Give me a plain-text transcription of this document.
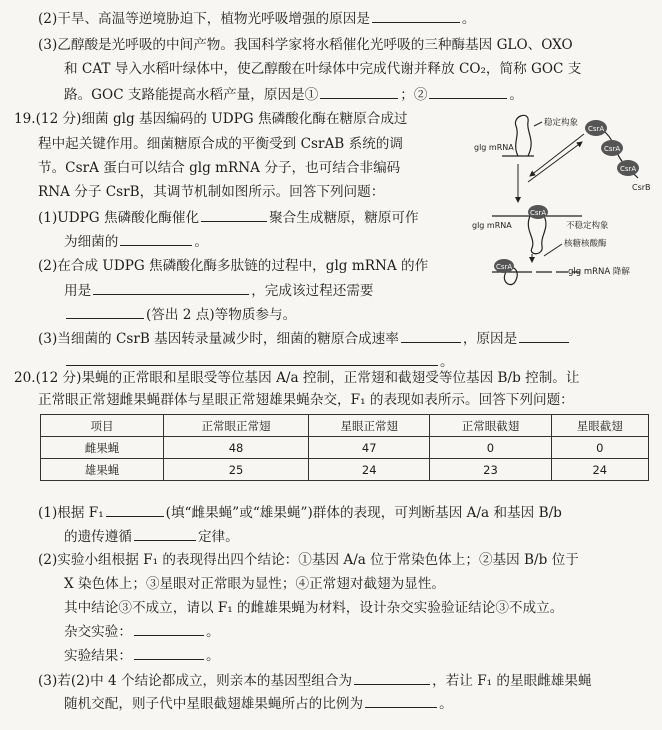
(2)干旱、高温等逆境胁迫下，植物光呼吸增强的原因是	。
(3)乙醇酸是光呼吸的中间产物。我国科学家将水稻催化光呼吸的三种酶基因 GLO、OXO
和 CAT 导入水稻叶绿体中，使乙醇酸在叶绿体中完成代谢并释放 CO₂，简称 GOC 支
路。GOC 支路能提高水稻产量，原因是①	；②	。
19.(12 分)细菌 glg 基因编码的 UDPG 焦磷酸化酶在糖原合成过
程中起关键作用。细菌糖原合成的平衡受到 CsrAB 系统的调
节。CsrA 蛋白可以结合 glg mRNA 分子，也可结合非编码
RNA 分子 CsrB，其调节机制如图所示。回答下列问题：
(1)UDPG 焦磷酸化酶催化	聚合生成糖原，糖原可作
为细菌的	。
(2)在合成 UDPG 焦磷酸化酶多肽链的过程中，glg mRNA 的作
用是	，完成该过程还需要
(答出 2 点)等物质参与。
(3)当细菌的 CsrB 基因转录量减少时，细菌的糖原合成速率	，原因是
。
稳定构象
glg mRNA
CsrA
CsrA
CsrA
CsrB
CsrA
glg mRNA	不稳定构象
核糖核酸酶
CsrA	glg mRNA 降解
20.(12 分)果蝇的正常眼和星眼受等位基因 A/a 控制，正常翅和截翅受等位基因 B/b 控制。让
正常眼正常翅雌果蝇群体与星眼正常翅雄果蝇杂交，F₁ 的表现如表所示。回答下列问题：
项目	正常眼正常翅	星眼正常翅	正常眼截翅	星眼截翅
雌果蝇	48	47	0	0
雄果蝇	25	24	23	24
(1)根据 F₁	(填“雌果蝇”或“雄果蝇”)群体的表现，可判断基因 A/a 和基因 B/b
的遗传遵循	定律。
(2)实验小组根据 F₁ 的表现得出四个结论：①基因 A/a 位于常染色体上；②基因 B/b 位于
X 染色体上；③星眼对正常眼为显性；④正常翅对截翅为显性。
其中结论③不成立，请以 F₁ 的雌雄果蝇为材料，设计杂交实验验证结论③不成立。
杂交实验：	。
实验结果：	。
(3)若(2)中 4 个结论都成立，则亲本的基因型组合为	，若让 F₁ 的星眼雌雄果蝇
随机交配，则子代中星眼截翅雄果蝇所占的比例为	。
